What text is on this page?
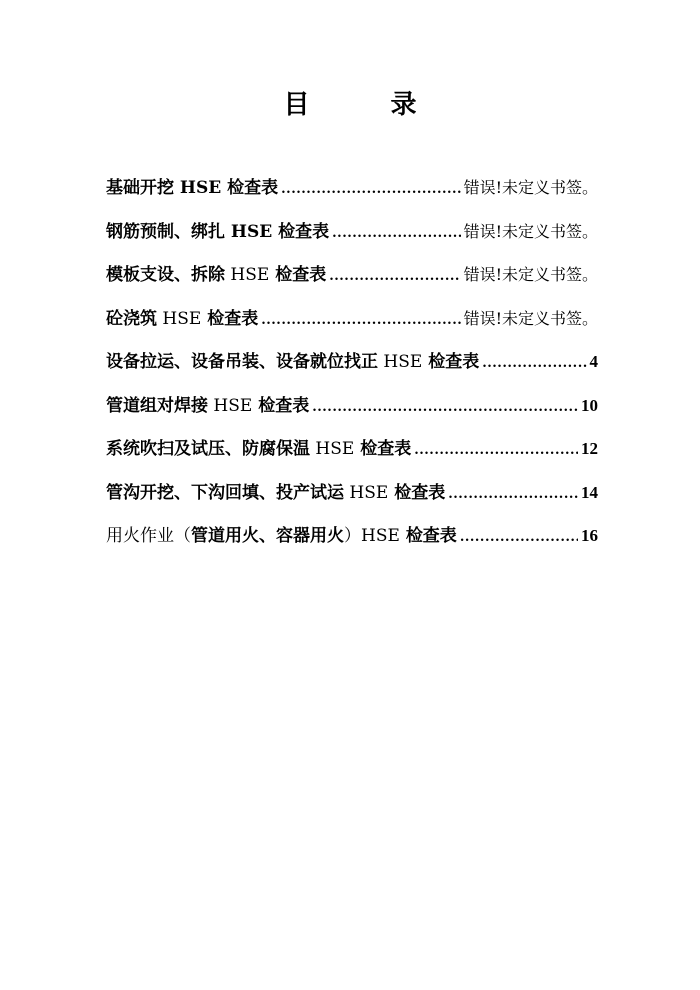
目 录
基础开挖 HSE 检查表 .....	错误!未定义书签。
钢筋预制、绑扎 HSE 检查表 .....	错误!未定义书签。
模板支设、拆除 HSE 检查表 .....	错误!未定义书签。
砼浇筑 HSE 检查表 .....	错误!未定义书签。
设备拉运、设备吊装、设备就位找正 HSE 检查表 .....	4
管道组对焊接 HSE 检查表 .....	10
系统吹扫及试压、防腐保温 HSE 检查表 .....	12
管沟开挖、下沟回填、投产试运 HSE 检查表 .....	14
用火作业（管道用火、容器用火）HSE 检查表 .....	16
